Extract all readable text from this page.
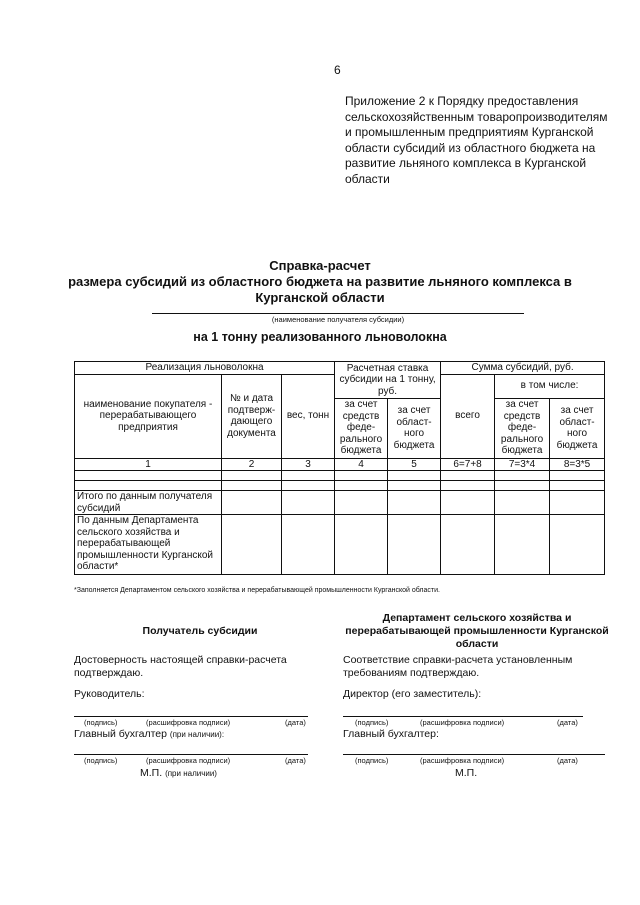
6
Приложение 2 к Порядку предоставления сельскохозяйственным товаропроизводителям и промышленным предприятиям Курганской области субсидий из областного бюджета на развитие льняного комплекса в Курганской области
Справка-расчет
размера субсидий из областного бюджета на развитие льняного комплекса в Курганской области
(наименование получателя субсидии)
на 1 тонну реализованного льноволокна
Реализация льноволокна			Расчетная ставка субсидии на 1 тонну, руб.		Сумма субсидий, руб.		
наименование покупателя - перерабатывающего предприятия	№ и дата подтверж-дающего документа	вес, тонн			всего	в том числе:	
			за счет средств феде-рального бюджета	за счет област-ного бюджета		за счет средств феде-рального бюджета	за счет област-ного бюджета
1	2	3	4	5	6=7+8	7=3*4	8=3*5

Итого по данным получателя субсидий							
По данным Департамента сельского хозяйства и перерабатывающей промышленности Курганской области*							
*Заполняется Департаментом сельского хозяйства и перерабатывающей промышленности Курганской области.
Получатель субсидии
Достоверность настоящей справки-расчета подтверждаю.
Руководитель:
(подпись)	(расшифровка подписи)	(дата)
Главный бухгалтер (при наличии):
(подпись)	(расшифровка подписи)	(дата)
М.П. (при наличии)
Департамент сельского хозяйства и перерабатывающей промышленности Курганской области
Соответствие справки-расчета установленным требованиям подтверждаю.
Директор (его заместитель):
(подпись)	(расшифровка подписи)	(дата)
Главный бухгалтер:
(подпись)	(расшифровка подписи)	(дата)
М.П.
